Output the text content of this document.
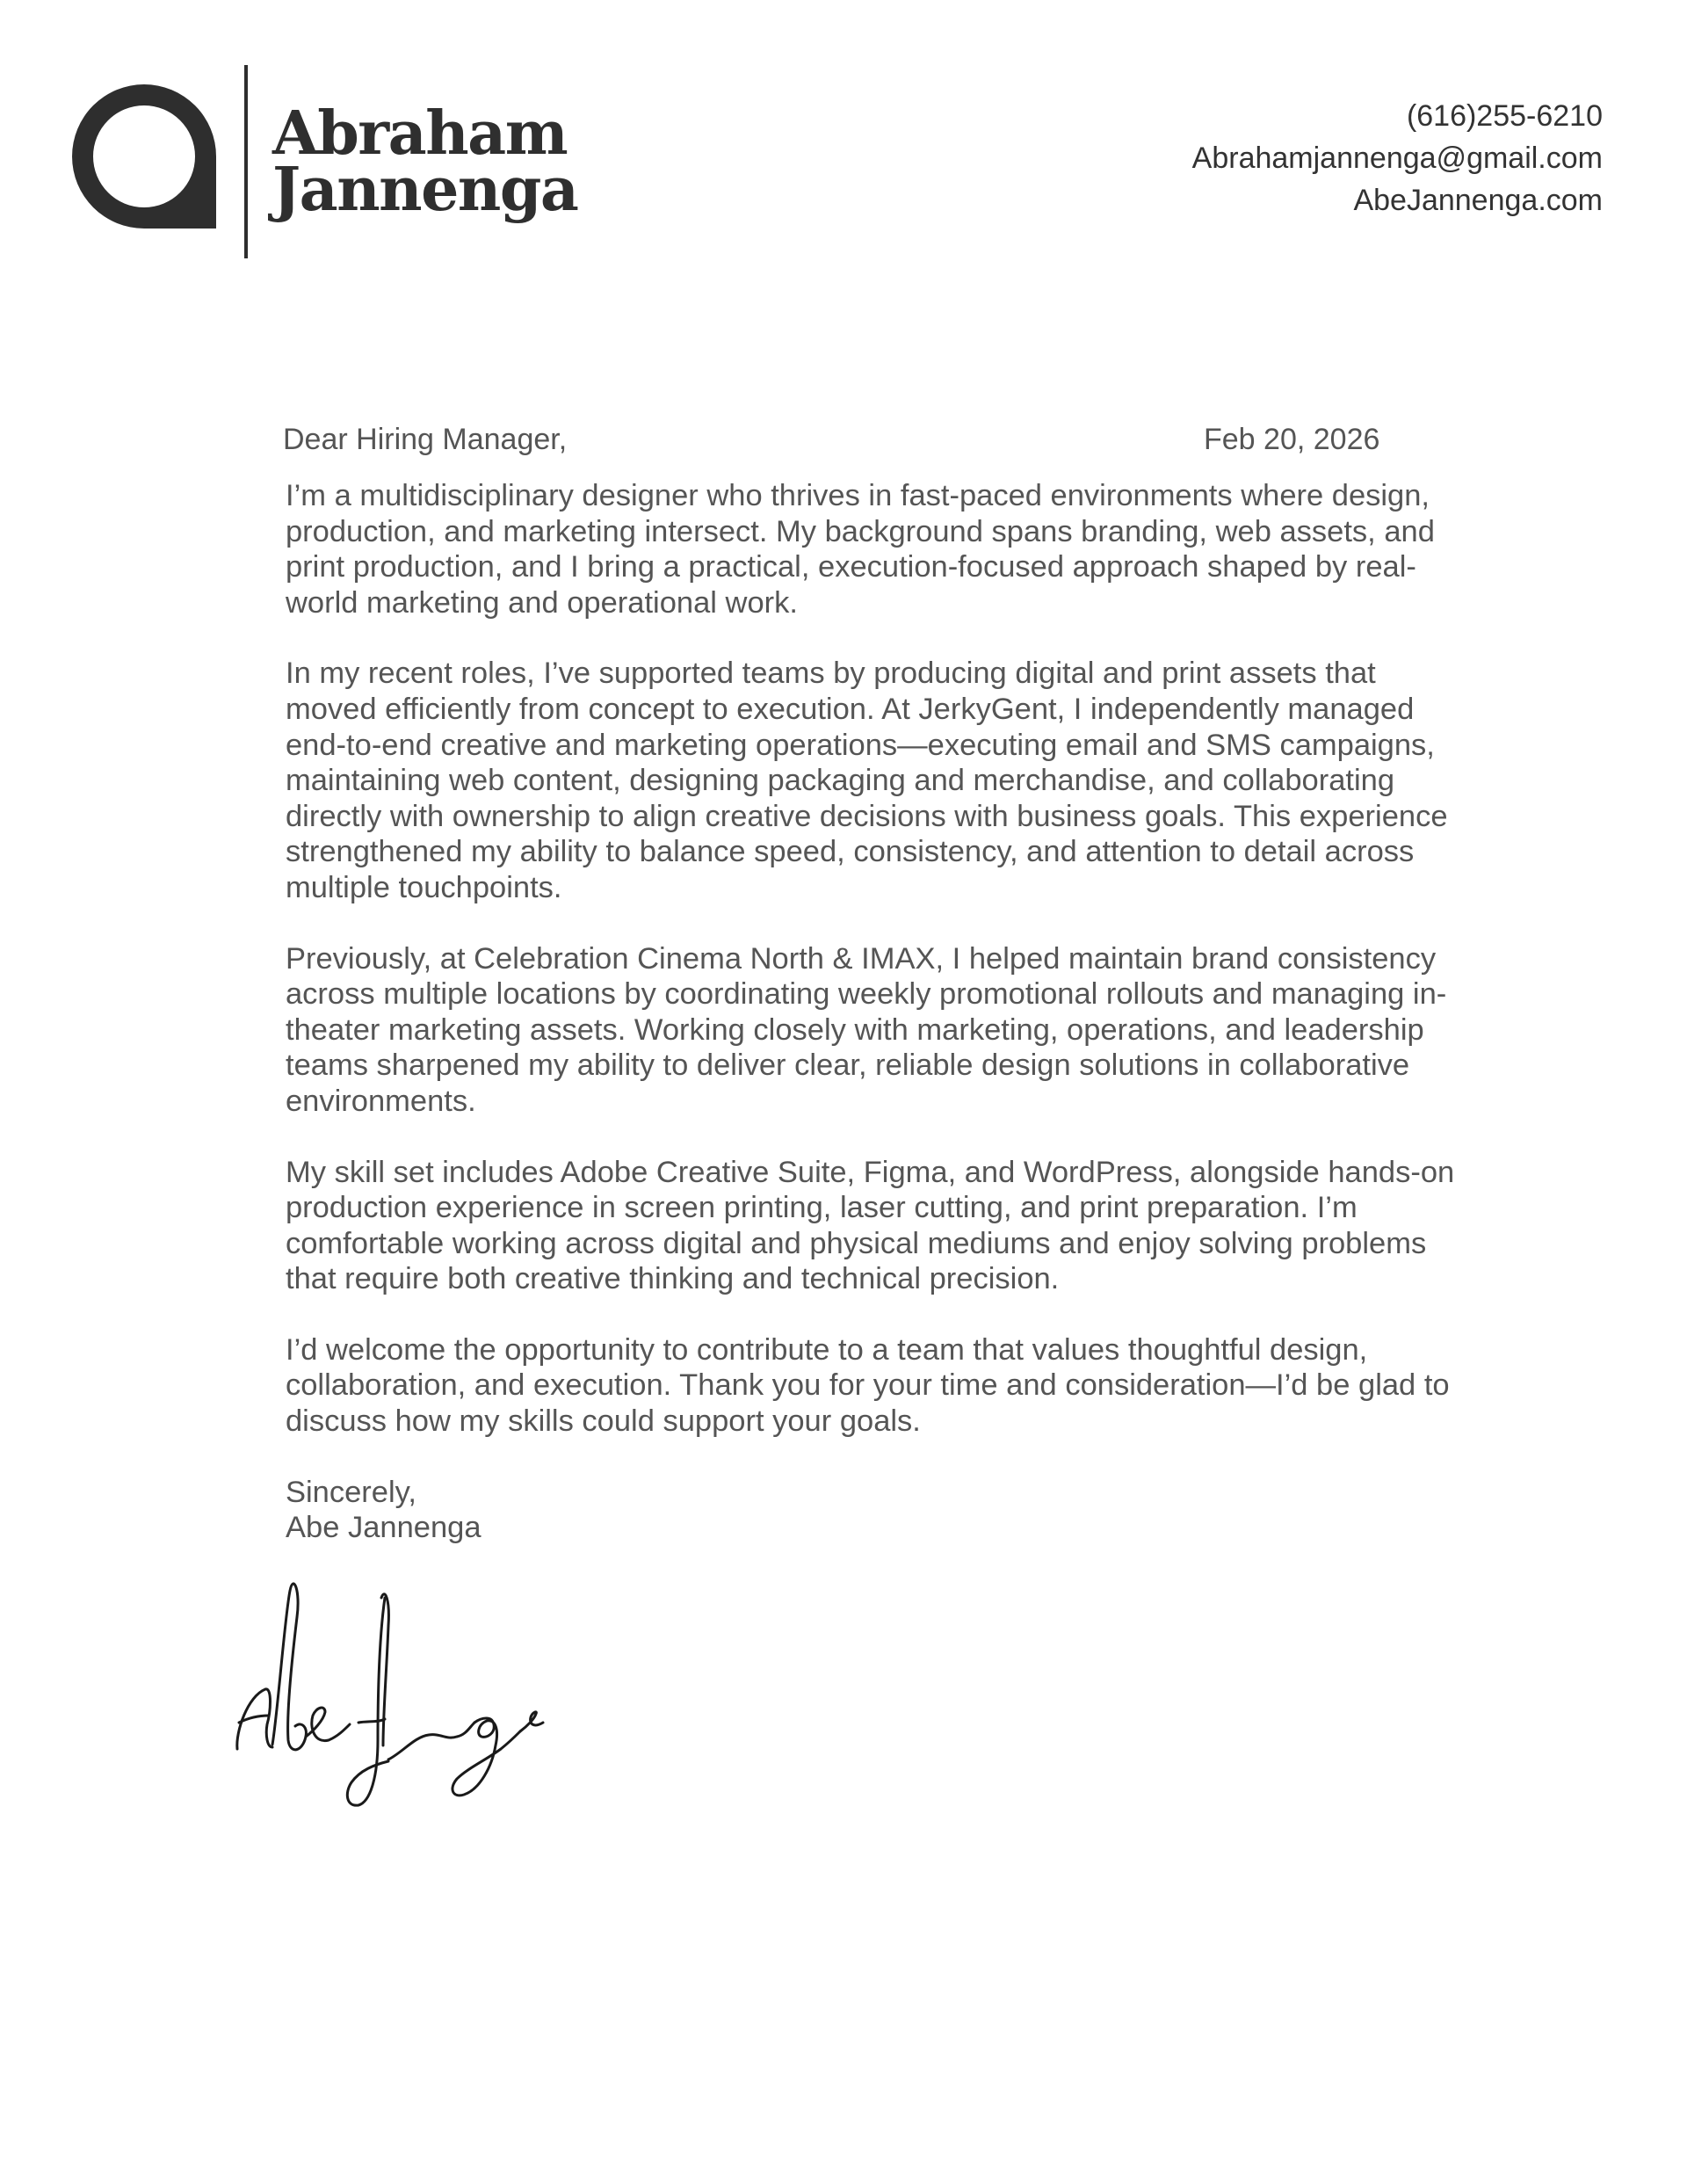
Abraham
Jannenga
(616)255-6210
Abrahamjannenga@gmail.com
AbeJannenga.com
Dear Hiring Manager,	Feb 20, 2026

I’m a multidisciplinary designer who thrives in fast-paced environments where design, production, and marketing intersect. My background spans branding, web assets, and print production, and I bring a practical, execution-focused approach shaped by real-world marketing and operational work.

In my recent roles, I’ve supported teams by producing digital and print assets that moved efficiently from concept to execution. At JerkyGent, I independently managed end-to-end creative and marketing operations—executing email and SMS campaigns, maintaining web content, designing packaging and merchandise, and collaborating directly with ownership to align creative decisions with business goals. This experience strengthened my ability to balance speed, consistency, and attention to detail across multiple touchpoints.

Previously, at Celebration Cinema North & IMAX, I helped maintain brand consistency across multiple locations by coordinating weekly promotional rollouts and managing in-theater marketing assets. Working closely with marketing, operations, and leadership teams sharpened my ability to deliver clear, reliable design solutions in collaborative environments.

My skill set includes Adobe Creative Suite, Figma, and WordPress, alongside hands-on production experience in screen printing, laser cutting, and print preparation. I’m comfortable working across digital and physical mediums and enjoy solving problems that require both creative thinking and technical precision.

I’d welcome the opportunity to contribute to a team that values thoughtful design, collaboration, and execution. Thank you for your time and consideration—I’d be glad to discuss how my skills could support your goals.

Sincerely,
Abe Jannenga
